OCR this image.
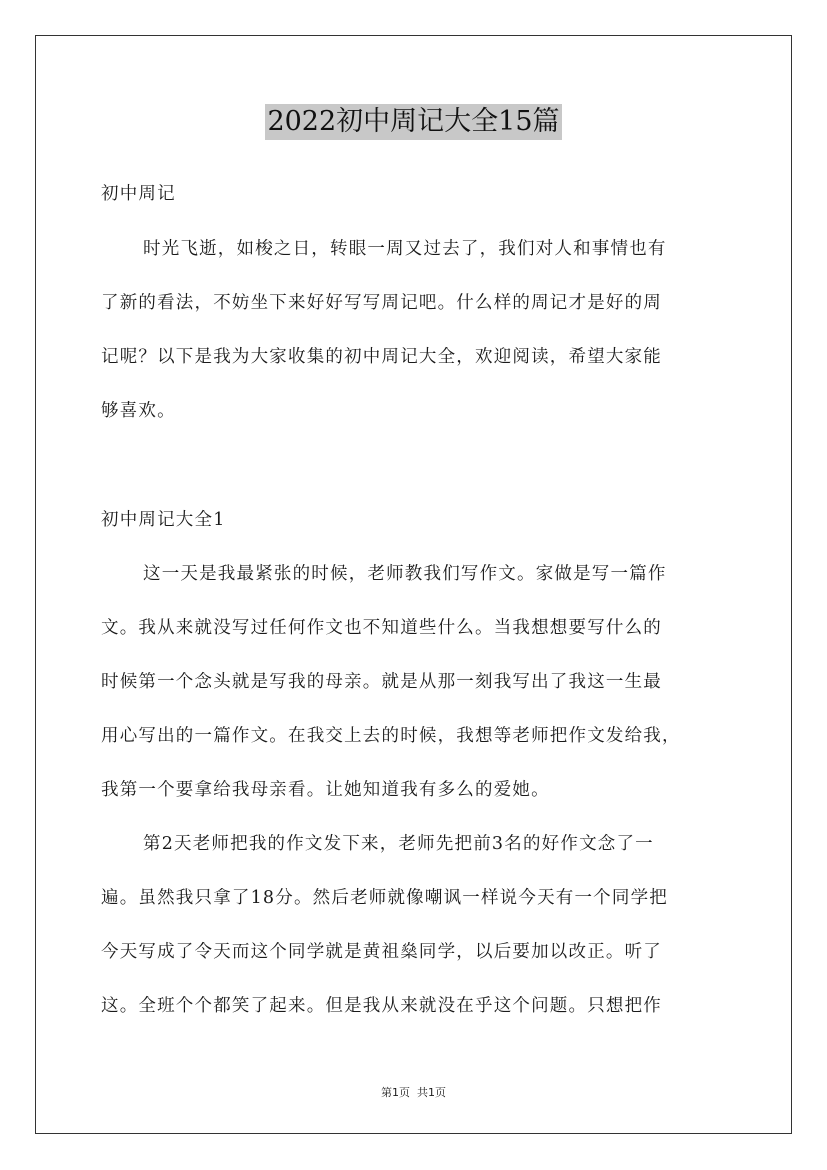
2022初中周记大全15篇
初中周记
时光飞逝，如梭之日，转眼一周又过去了，我们对人和事情也有
了新的看法，不妨坐下来好好写写周记吧。什么样的周记才是好的周
记呢？以下是我为大家收集的初中周记大全，欢迎阅读，希望大家能
够喜欢。
初中周记大全1
这一天是我最紧张的时候，老师教我们写作文。家做是写一篇作
文。我从来就没写过任何作文也不知道些什么。当我想想要写什么的
时候第一个念头就是写我的母亲。就是从那一刻我写出了我这一生最
用心写出的一篇作文。在我交上去的时候，我想等老师把作文发给我，
我第一个要拿给我母亲看。让她知道我有多么的爱她。
第2天老师把我的作文发下来，老师先把前3名的好作文念了一
遍。虽然我只拿了18分。然后老师就像嘲讽一样说今天有一个同学把
今天写成了令天而这个同学就是黄祖燊同学，以后要加以改正。听了
这。全班个个都笑了起来。但是我从来就没在乎这个问题。只想把作
第1页  共1页
